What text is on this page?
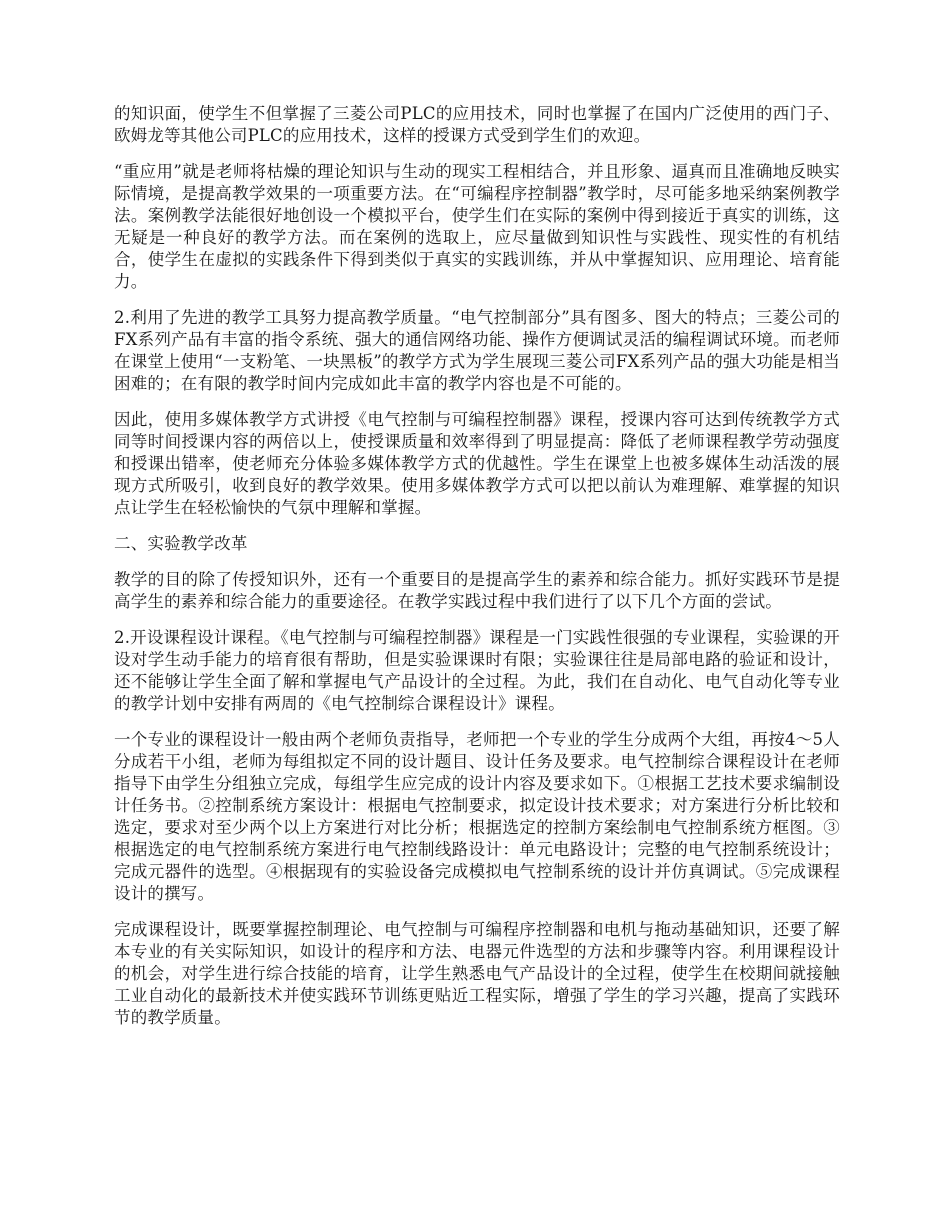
的知识面，使学生不但掌握了三菱公司PLC的应用技术，同时也掌握了在国内广泛使用的西门子、欧姆龙等其他公司PLC的应用技术，这样的授课方式受到学生们的欢迎。

“重应用”就是老师将枯燥的理论知识与生动的现实工程相结合，并且形象、逼真而且准确地反映实际情境，是提高教学效果的一项重要方法。在“可编程序控制器”教学时，尽可能多地采纳案例教学法。案例教学法能很好地创设一个模拟平台，使学生们在实际的案例中得到接近于真实的训练，这无疑是一种良好的教学方法。而在案例的选取上，应尽量做到知识性与实践性、现实性的有机结合，使学生在虚拟的实践条件下得到类似于真实的实践训练，并从中掌握知识、应用理论、培育能力。

2.利用了先进的教学工具努力提高教学质量。“电气控制部分”具有图多、图大的特点；三菱公司的FX系列产品有丰富的指令系统、强大的通信网络功能、操作方便调试灵活的编程调试环境。而老师在课堂上使用“一支粉笔、一块黑板”的教学方式为学生展现三菱公司FX系列产品的强大功能是相当困难的；在有限的教学时间内完成如此丰富的教学内容也是不可能的。

因此，使用多媒体教学方式讲授《电气控制与可编程控制器》课程，授课内容可达到传统教学方式同等时间授课内容的两倍以上，使授课质量和效率得到了明显提高：降低了老师课程教学劳动强度和授课出错率，使老师充分体验多媒体教学方式的优越性。学生在课堂上也被多媒体生动活泼的展现方式所吸引，收到良好的教学效果。使用多媒体教学方式可以把以前认为难理解、难掌握的知识点让学生在轻松愉快的气氛中理解和掌握。

二、实验教学改革

教学的目的除了传授知识外，还有一个重要目的是提高学生的素养和综合能力。抓好实践环节是提高学生的素养和综合能力的重要途径。在教学实践过程中我们进行了以下几个方面的尝试。

2.开设课程设计课程。《电气控制与可编程控制器》课程是一门实践性很强的专业课程，实验课的开设对学生动手能力的培育很有帮助，但是实验课课时有限；实验课往往是局部电路的验证和设计，还不能够让学生全面了解和掌握电气产品设计的全过程。为此，我们在自动化、电气自动化等专业的教学计划中安排有两周的《电气控制综合课程设计》课程。

一个专业的课程设计一般由两个老师负责指导，老师把一个专业的学生分成两个大组，再按4～5人分成若干小组，老师为每组拟定不同的设计题目、设计任务及要求。电气控制综合课程设计在老师指导下由学生分组独立完成，每组学生应完成的设计内容及要求如下。①根据工艺技术要求编制设计任务书。②控制系统方案设计：根据电气控制要求，拟定设计技术要求；对方案进行分析比较和选定，要求对至少两个以上方案进行对比分析；根据选定的控制方案绘制电气控制系统方框图。③根据选定的电气控制系统方案进行电气控制线路设计：单元电路设计；完整的电气控制系统设计；完成元器件的选型。④根据现有的实验设备完成模拟电气控制系统的设计并仿真调试。⑤完成课程设计的撰写。

完成课程设计，既要掌握控制理论、电气控制与可编程序控制器和电机与拖动基础知识，还要了解本专业的有关实际知识，如设计的程序和方法、电器元件选型的方法和步骤等内容。利用课程设计的机会，对学生进行综合技能的培育，让学生熟悉电气产品设计的全过程，使学生在校期间就接触工业自动化的最新技术并使实践环节训练更贴近工程实际，增强了学生的学习兴趣，提高了实践环节的教学质量。
